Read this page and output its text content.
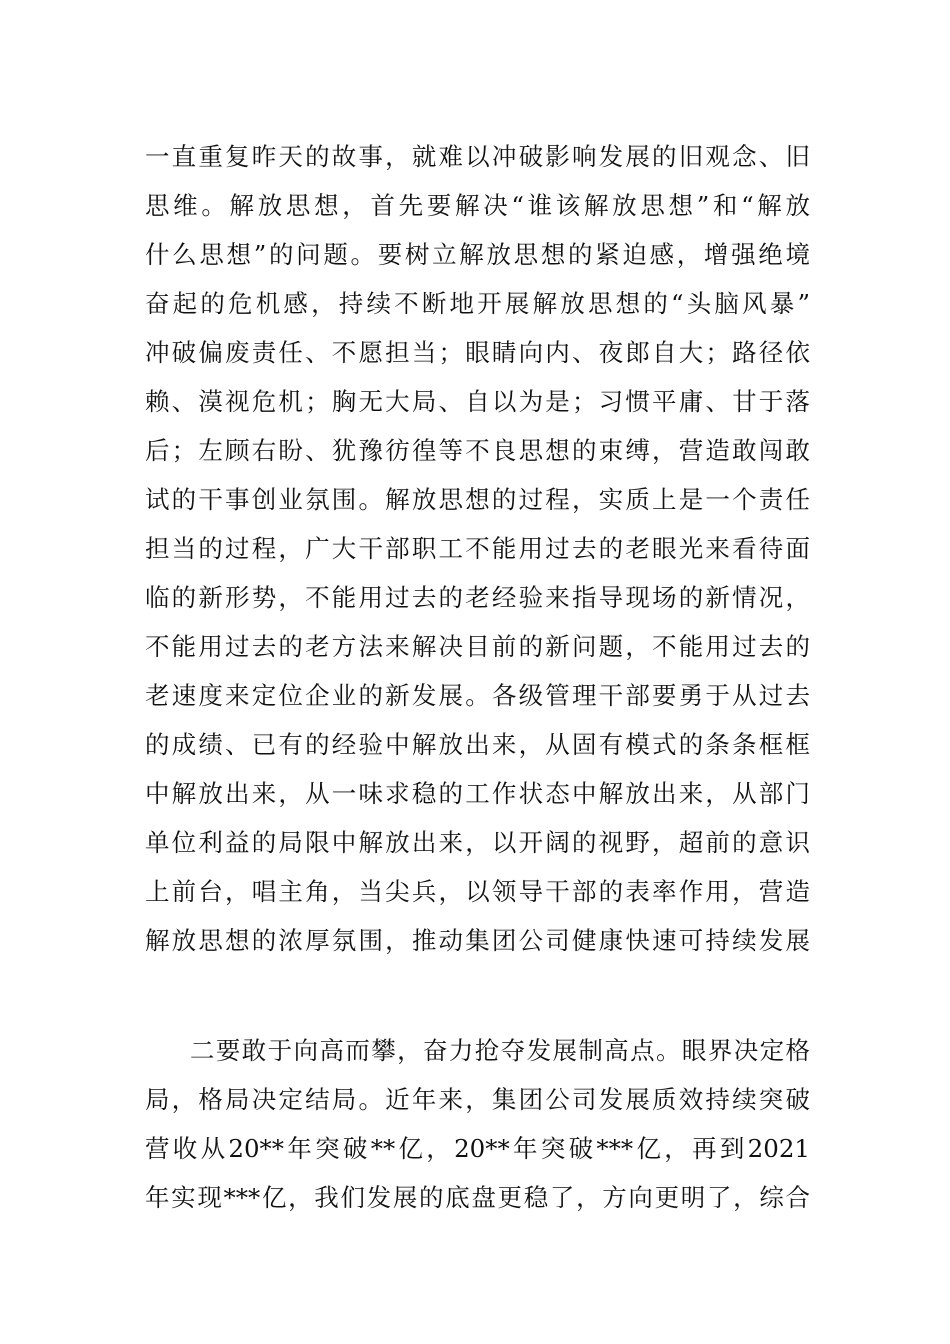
一直重复昨天的故事，就难以冲破影响发展的旧观念、旧
思维。解放思想，首先要解决“谁该解放思想”和“解放
什么思想”的问题。要树立解放思想的紧迫感，增强绝境
奋起的危机感，持续不断地开展解放思想的“头脑风暴”
冲破偏废责任、不愿担当；眼睛向内、夜郎自大；路径依
赖、漠视危机；胸无大局、自以为是；习惯平庸、甘于落
后；左顾右盼、犹豫彷徨等不良思想的束缚，营造敢闯敢
试的干事创业氛围。解放思想的过程，实质上是一个责任
担当的过程，广大干部职工不能用过去的老眼光来看待面
临的新形势，不能用过去的老经验来指导现场的新情况，
不能用过去的老方法来解决目前的新问题，不能用过去的
老速度来定位企业的新发展。各级管理干部要勇于从过去
的成绩、已有的经验中解放出来，从固有模式的条条框框
中解放出来，从一味求稳的工作状态中解放出来，从部门
单位利益的局限中解放出来，以开阔的视野，超前的意识
上前台，唱主角，当尖兵，以领导干部的表率作用，营造
解放思想的浓厚氛围，推动集团公司健康快速可持续发展
二要敢于向高而攀，奋力抢夺发展制高点。眼界决定格
局，格局决定结局。近年来，集团公司发展质效持续突破
营收从20**年突破**亿，20**年突破***亿，再到2021
年实现***亿，我们发展的底盘更稳了，方向更明了，综合
